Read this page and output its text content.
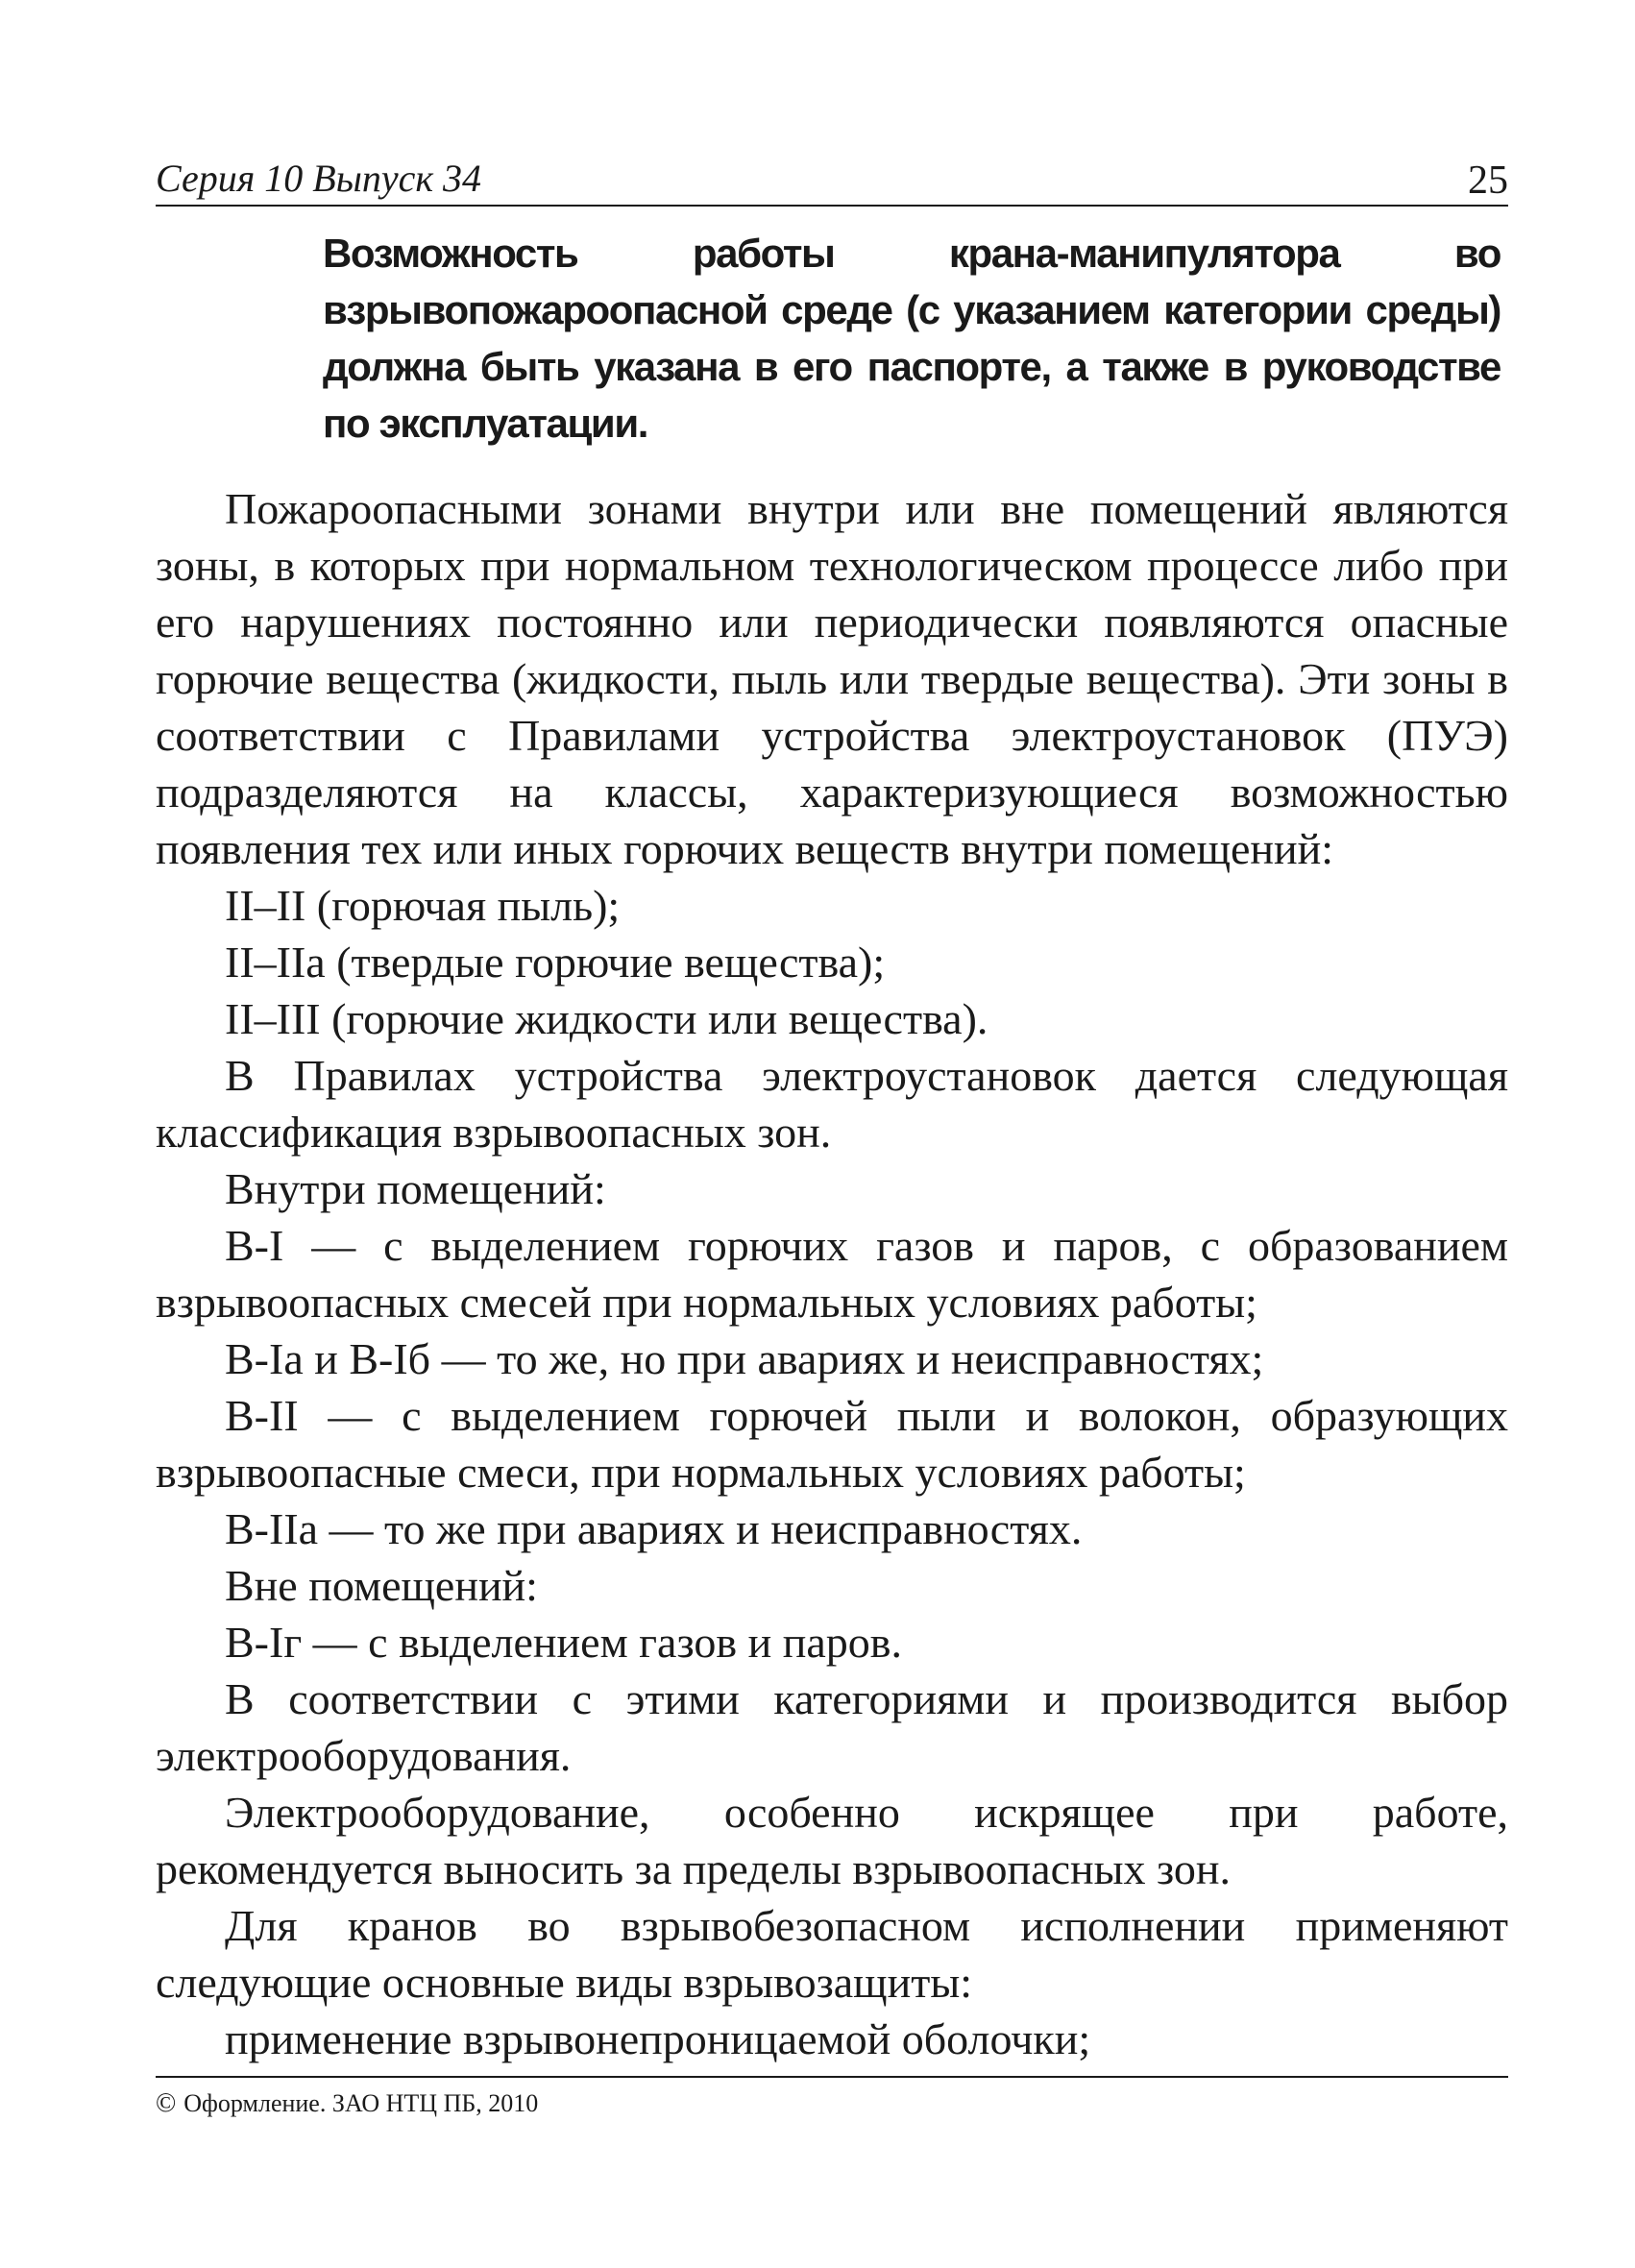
Серия 10 Выпуск 34	25

Возможность работы крана-манипулятора во взрывопожароопасной среде (с указанием категории среды) должна быть указана в его паспорте, а также в руководстве по эксплуатации.

Пожароопасными зонами внутри или вне помещений являются зоны, в которых при нормальном технологическом процессе либо при его нарушениях постоянно или периодически появляются опасные горючие вещества (жидкости, пыль или твердые вещества). Эти зоны в соответствии с Правилами устройства электроустановок (ПУЭ) подразделяются на классы, характеризующиеся возможностью появления тех или иных горючих веществ внутри помещений:

II–II (горючая пыль);

II–IIа (твердые горючие вещества);

II–III (горючие жидкости или вещества).

В Правилах устройства электроустановок дается следующая классификация взрывоопасных зон.

Внутри помещений:

В-I — с выделением горючих газов и паров, с образованием взрывоопасных смесей при нормальных условиях работы;

В-Iа и В-Iб — то же, но при авариях и неисправностях;

В-II — с выделением горючей пыли и волокон, образующих взрывоопасные смеси, при нормальных условиях работы;

В-IIа — то же при авариях и неисправностях.

Вне помещений:

В-Iг — с выделением газов и паров.

В соответствии с этими категориями и производится выбор электрооборудования.

Электрооборудование, особенно искрящее при работе, рекомендуется выносить за пределы взрывоопасных зон.

Для кранов во взрывобезопасном исполнении применяют следующие основные виды взрывозащиты:

применение взрывонепроницаемой оболочки;

© Оформление. ЗАО НТЦ ПБ, 2010
